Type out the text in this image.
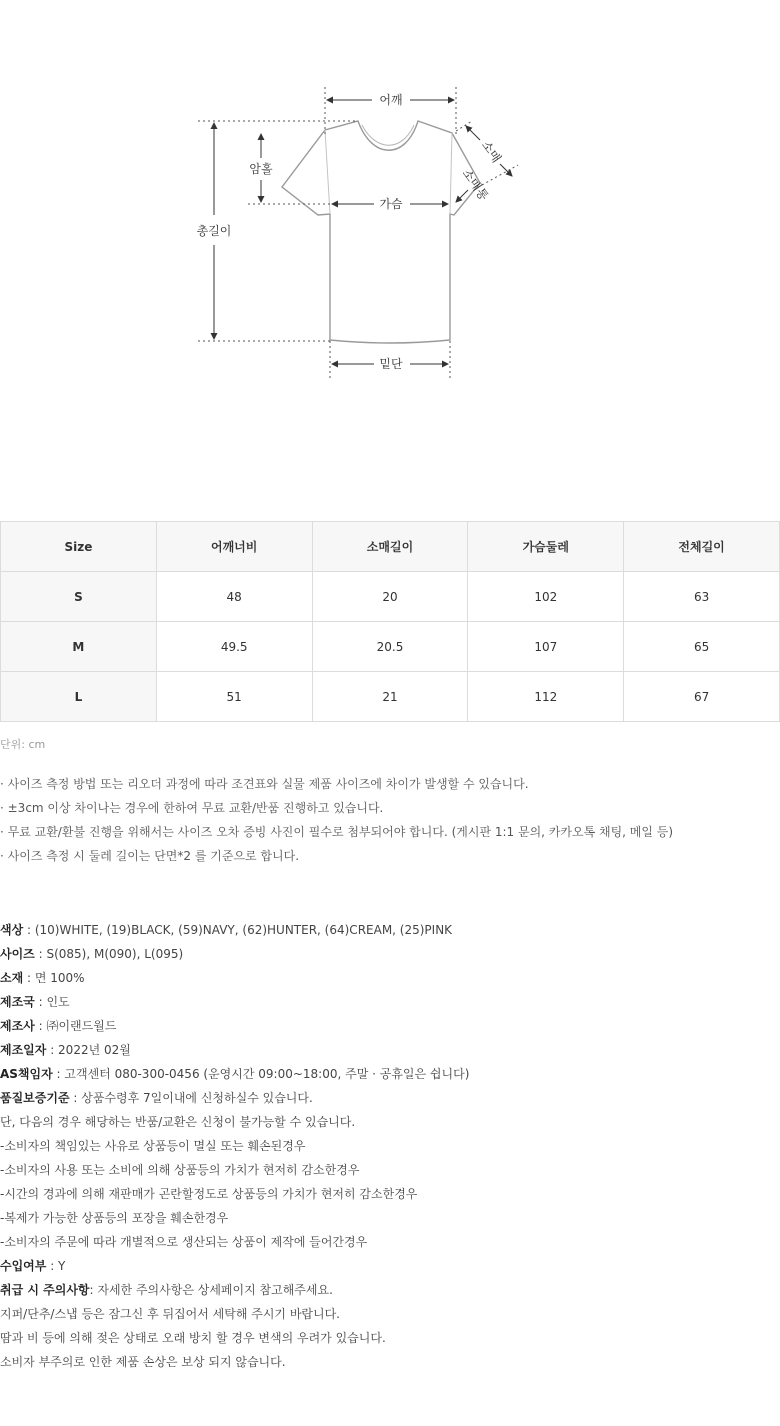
어깨
암홀
총길이
가슴
밑단
소매
소매통
Size	어깨너비	소매길이	가슴둘레	전체길이
S	48	20	102	63
M	49.5	20.5	107	65
L	51	21	112	67
단위: cm
· 사이즈 측정 방법 또는 리오더 과정에 따라 조견표와 실물 제품 사이즈에 차이가 발생할 수 있습니다.
· ±3cm 이상 차이나는 경우에 한하여 무료 교환/반품 진행하고 있습니다.
· 무료 교환/환불 진행을 위해서는 사이즈 오차 증빙 사진이 필수로 첨부되어야 합니다. (게시판 1:1 문의, 카카오톡 채팅, 메일 등)
· 사이즈 측정 시 둘레 길이는 단면*2 를 기준으로 합니다.
색상 : (10)WHITE, (19)BLACK, (59)NAVY, (62)HUNTER, (64)CREAM, (25)PINK
사이즈 : S(085), M(090), L(095)
소재 : 면 100%
제조국 : 인도
제조사 : ㈜이랜드월드
제조일자 : 2022년 02월
AS책임자 : 고객센터 080-300-0456 (운영시간 09:00~18:00, 주말 · 공휴일은 쉽니다)
품질보증기준 : 상품수령후 7일이내에 신청하실수 있습니다.
단, 다음의 경우 해당하는 반품/교환은 신청이 불가능할 수 있습니다.
-소비자의 책임있는 사유로 상품등이 멸실 또는 훼손된경우
-소비자의 사용 또는 소비에 의해 상품등의 가치가 현저히 감소한경우
-시간의 경과에 의해 재판매가 곤란할정도로 상품등의 가치가 현저히 감소한경우
-복제가 가능한 상품등의 포장을 훼손한경우
-소비자의 주문에 따라 개별적으로 생산되는 상품이 제작에 들어간경우
수입여부 : Y
취급 시 주의사항: 자세한 주의사항은 상세페이지 참고해주세요.
지퍼/단추/스냅 등은 잠그신 후 뒤집어서 세탁해 주시기 바랍니다.
땀과 비 등에 의해 젖은 상태로 오래 방치 할 경우 변색의 우려가 있습니다.
소비자 부주의로 인한 제품 손상은 보상 되지 않습니다.
